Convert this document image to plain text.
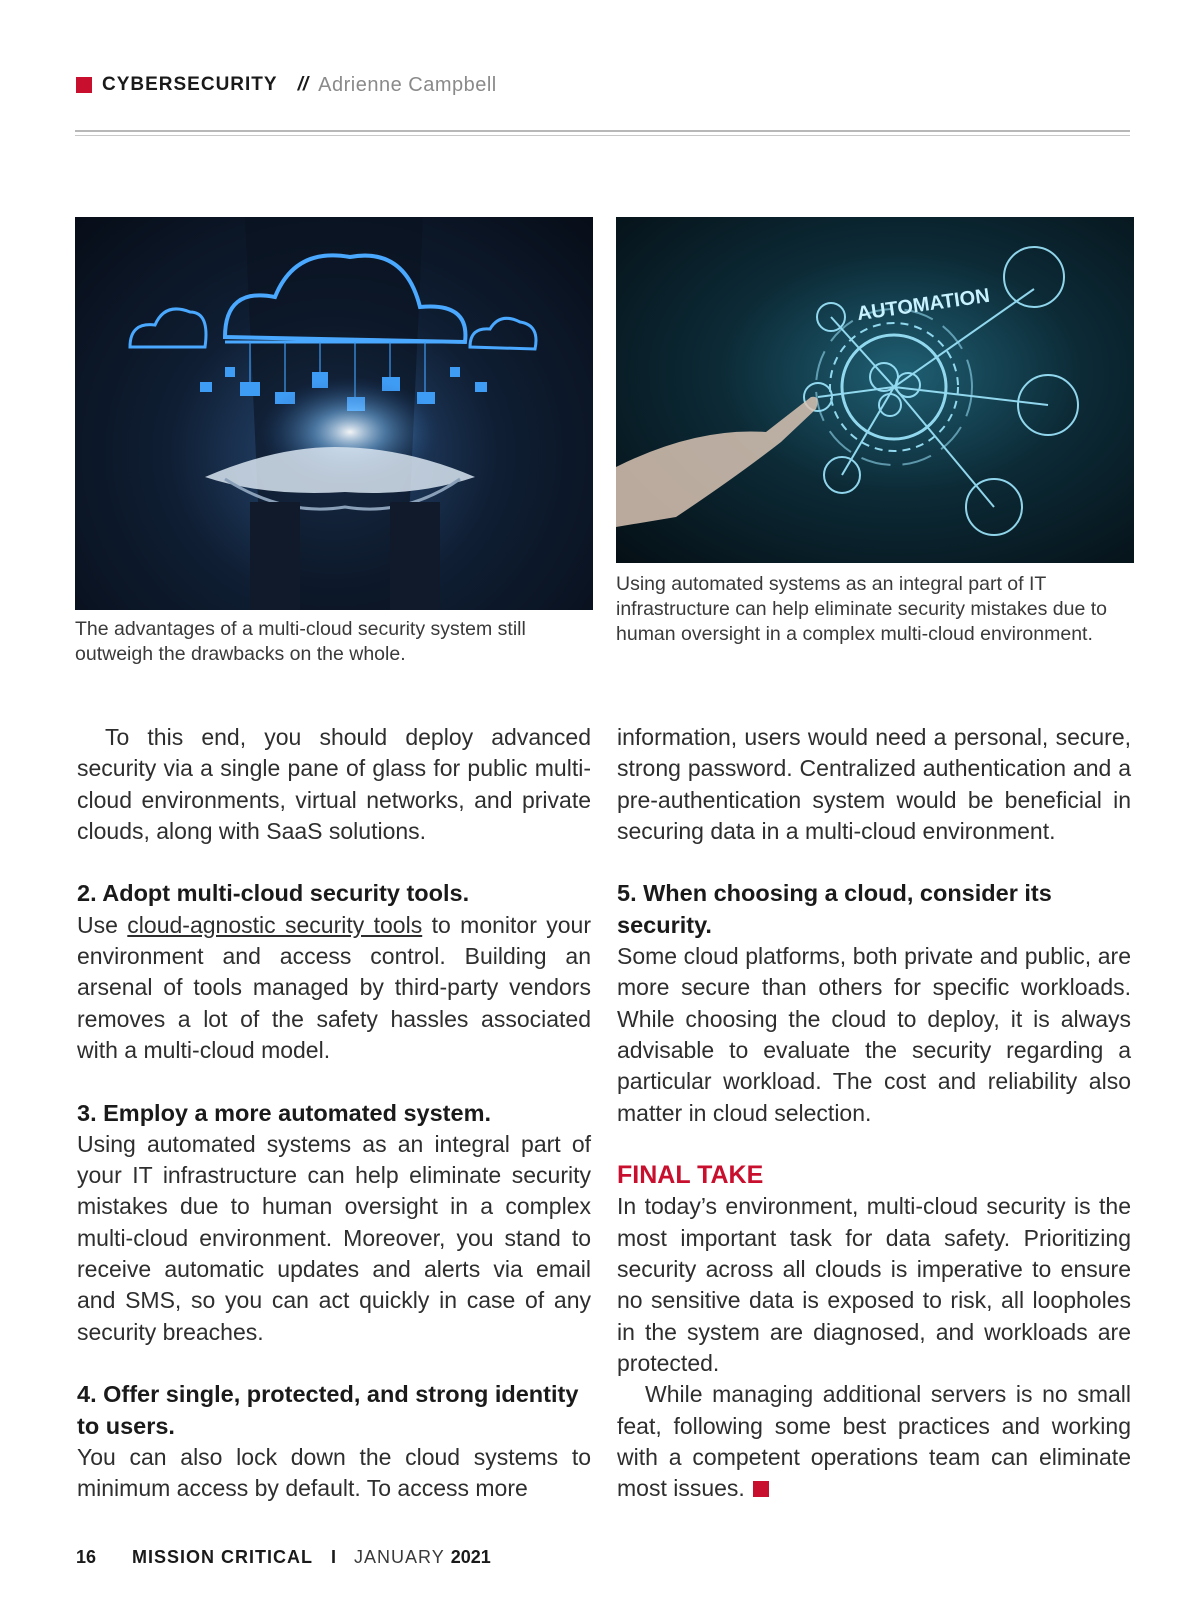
CYBERSECURITY // Adrienne Campbell
AUTOMATION
The advantages of a multi-cloud security system still outweigh the drawbacks on the whole.
Using automated systems as an integral part of IT infrastructure can help eliminate security mistakes due to human oversight in a complex multi-cloud environment.

To this end, you should deploy advanced security via a single pane of glass for public multi-cloud environments, virtual networks, and private clouds, along with SaaS solutions.

2. Adopt multi-cloud security tools.

Use cloud-agnostic security tools to monitor your environment and access control. Building an arsenal of tools managed by third-party vendors removes a lot of the safety hassles associated with a multi-cloud model.

3. Employ a more automated system.

Using automated systems as an integral part of your IT infrastructure can help eliminate security mistakes due to human oversight in a complex multi-cloud environment. Moreover, you stand to receive automatic updates and alerts via email and SMS, so you can act quickly in case of any security breaches.

4. Offer single, protected, and strong identity to users.

You can also lock down the cloud systems to minimum access by default. To access more

information, users would need a personal, secure, strong password. Centralized authentication and a pre-authentication system would be beneficial in securing data in a multi-cloud environment.

5. When choosing a cloud, consider its security.

Some cloud platforms, both private and public, are more secure than others for specific workloads. While choosing the cloud to deploy, it is always advisable to evaluate the security regarding a particular workload. The cost and reliability also matter in cloud selection.

FINAL TAKE

In today’s environment, multi-cloud security is the most important task for data safety. Prioritizing security across all clouds is imperative to ensure no sensitive data is exposed to risk, all loopholes in the system are diagnosed, and workloads are protected.

While managing additional servers is no small feat, following some best practices and working with a competent operations team can eliminate most issues.

16 MISSION CRITICAL I JANUARY 2021
